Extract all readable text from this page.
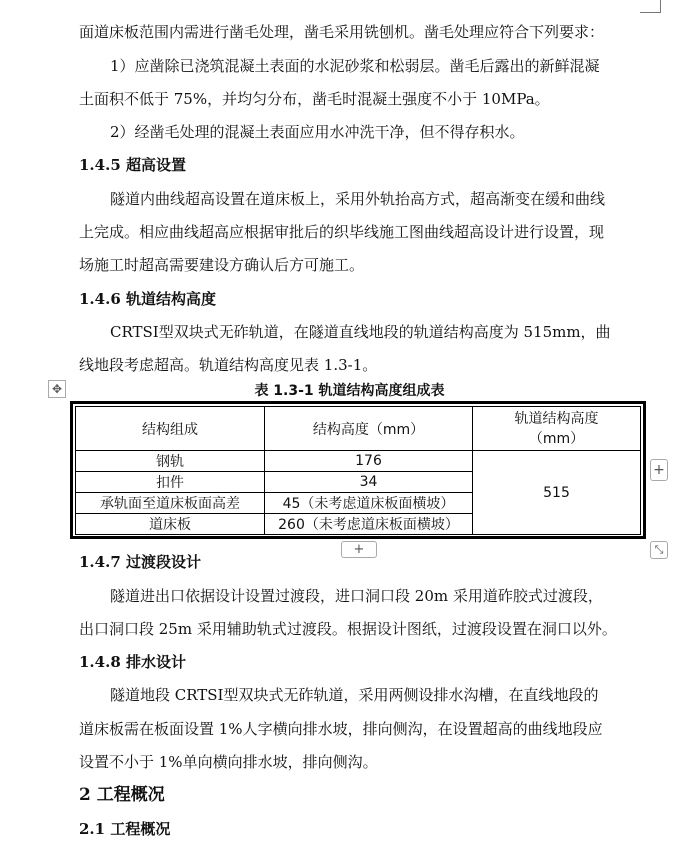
面道床板范围内需进行凿毛处理，凿毛采用铣刨机。凿毛处理应符合下列要求：
1）应凿除已浇筑混凝土表面的水泥砂浆和松弱层。凿毛后露出的新鲜混凝
土面积不低于 75%，并均匀分布，凿毛时混凝土强度不小于 10MPa。
2）经凿毛处理的混凝土表面应用水冲洗干净，但不得存积水。
1.4.5 超高设置
隧道内曲线超高设置在道床板上，采用外轨抬高方式，超高渐变在缓和曲线
上完成。相应曲线超高应根据审批后的织毕线施工图曲线超高设计进行设置，现
场施工时超高需要建设方确认后方可施工。
1.4.6 轨道结构高度
CRTSⅠ型双块式无砟轨道，在隧道直线地段的轨道结构高度为 515mm，曲
线地段考虑超高。轨道结构高度见表 1.3-1。
✥	表 1.3-1 轨道结构高度组成表
结构组成	结构高度（mm）	轨道结构高度
（mm）
钢轨	176	515
扣件	34	
承轨面至道床板面高差	45（未考虑道床板面横坡）	
道床板	260（未考虑道床板面横坡）	
+
+	⤡
1.4.7 过渡段设计
隧道进出口依据设计设置过渡段，进口洞口段 20m 采用道砟胶式过渡段，
出口洞口段 25m 采用辅助轨式过渡段。根据设计图纸，过渡段设置在洞口以外。
1.4.8 排水设计
隧道地段 CRTSⅠ型双块式无砟轨道，采用两侧设排水沟槽，在直线地段的
道床板需在板面设置 1%人字横向排水坡，排向侧沟，在设置超高的曲线地段应
设置不小于 1%单向横向排水坡，排向侧沟。
2 工程概况
2.1 工程概况
